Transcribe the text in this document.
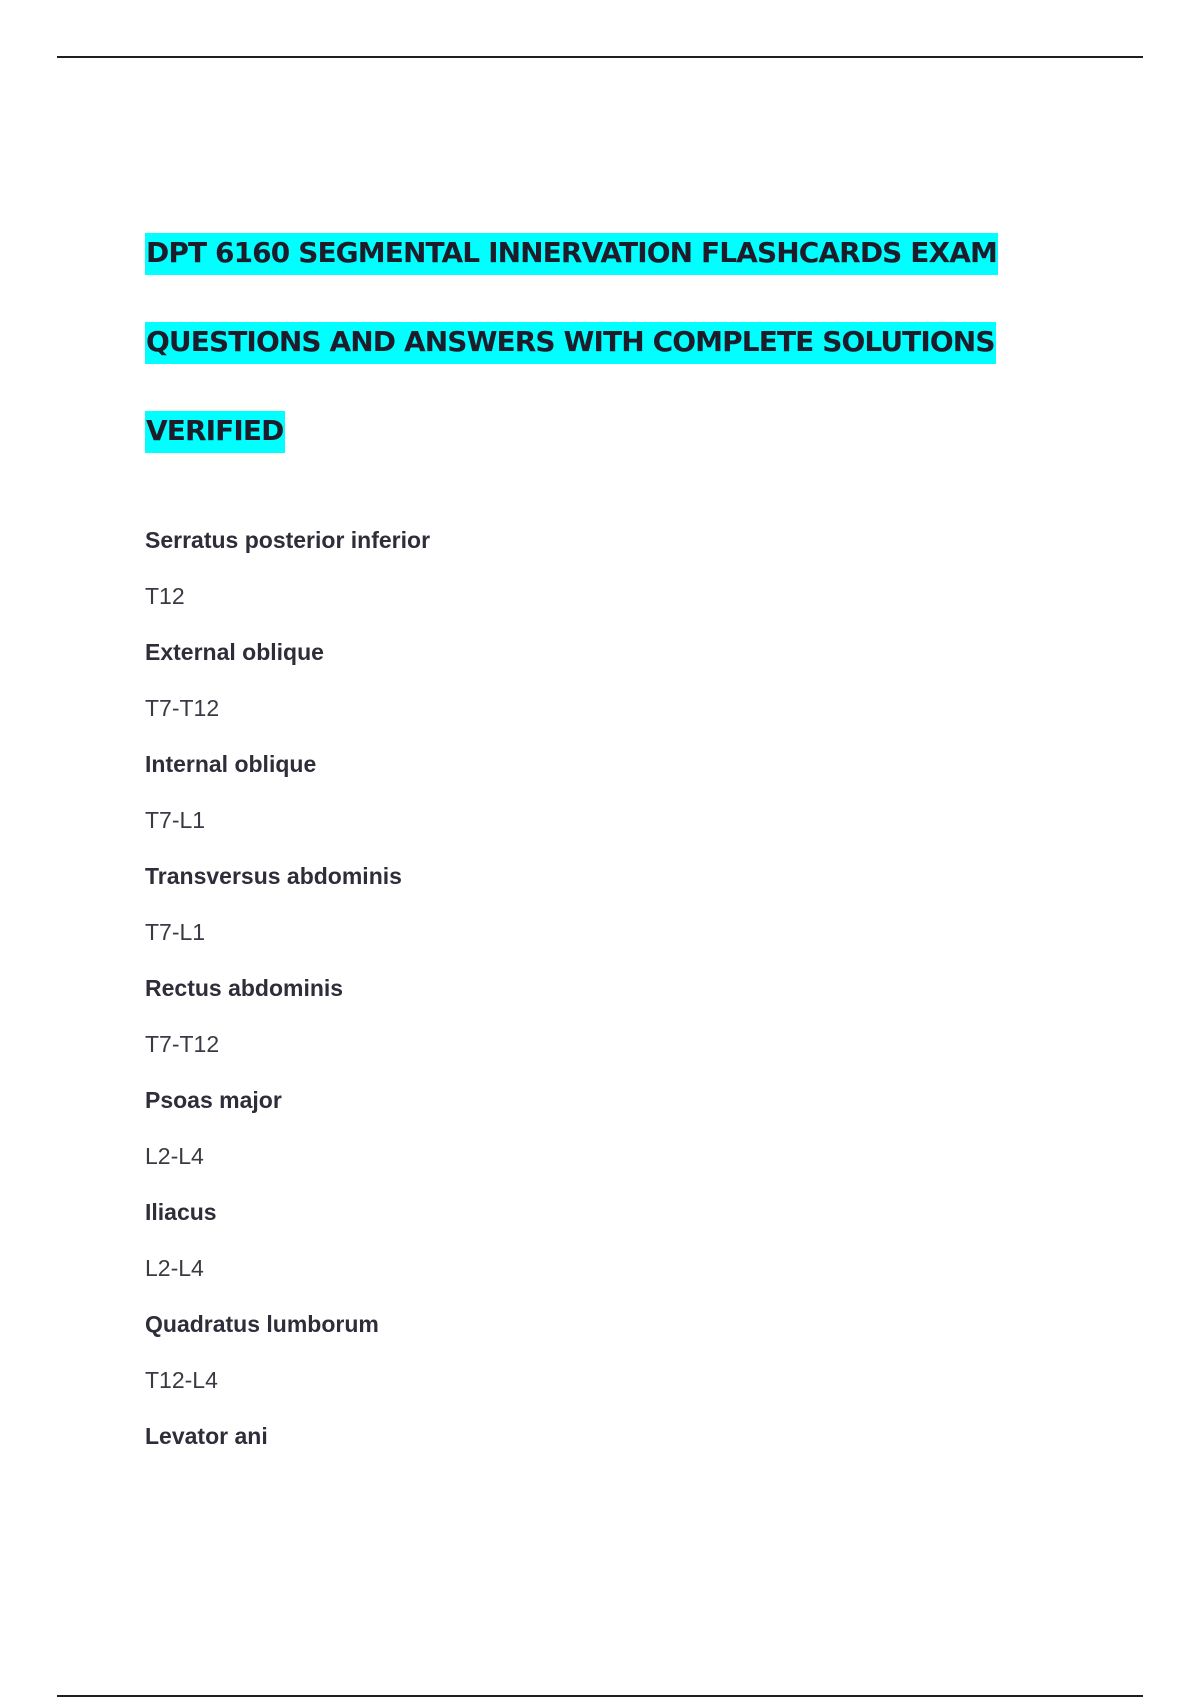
DPT 6160 SEGMENTAL INNERVATION FLASHCARDS EXAM
QUESTIONS AND ANSWERS WITH COMPLETE SOLUTIONS
VERIFIED
Serratus posterior inferior
T12
External oblique
T7-T12
Internal oblique
T7-L1
Transversus abdominis
T7-L1
Rectus abdominis
T7-T12
Psoas major
L2-L4
Iliacus
L2-L4
Quadratus lumborum
T12-L4
Levator ani
